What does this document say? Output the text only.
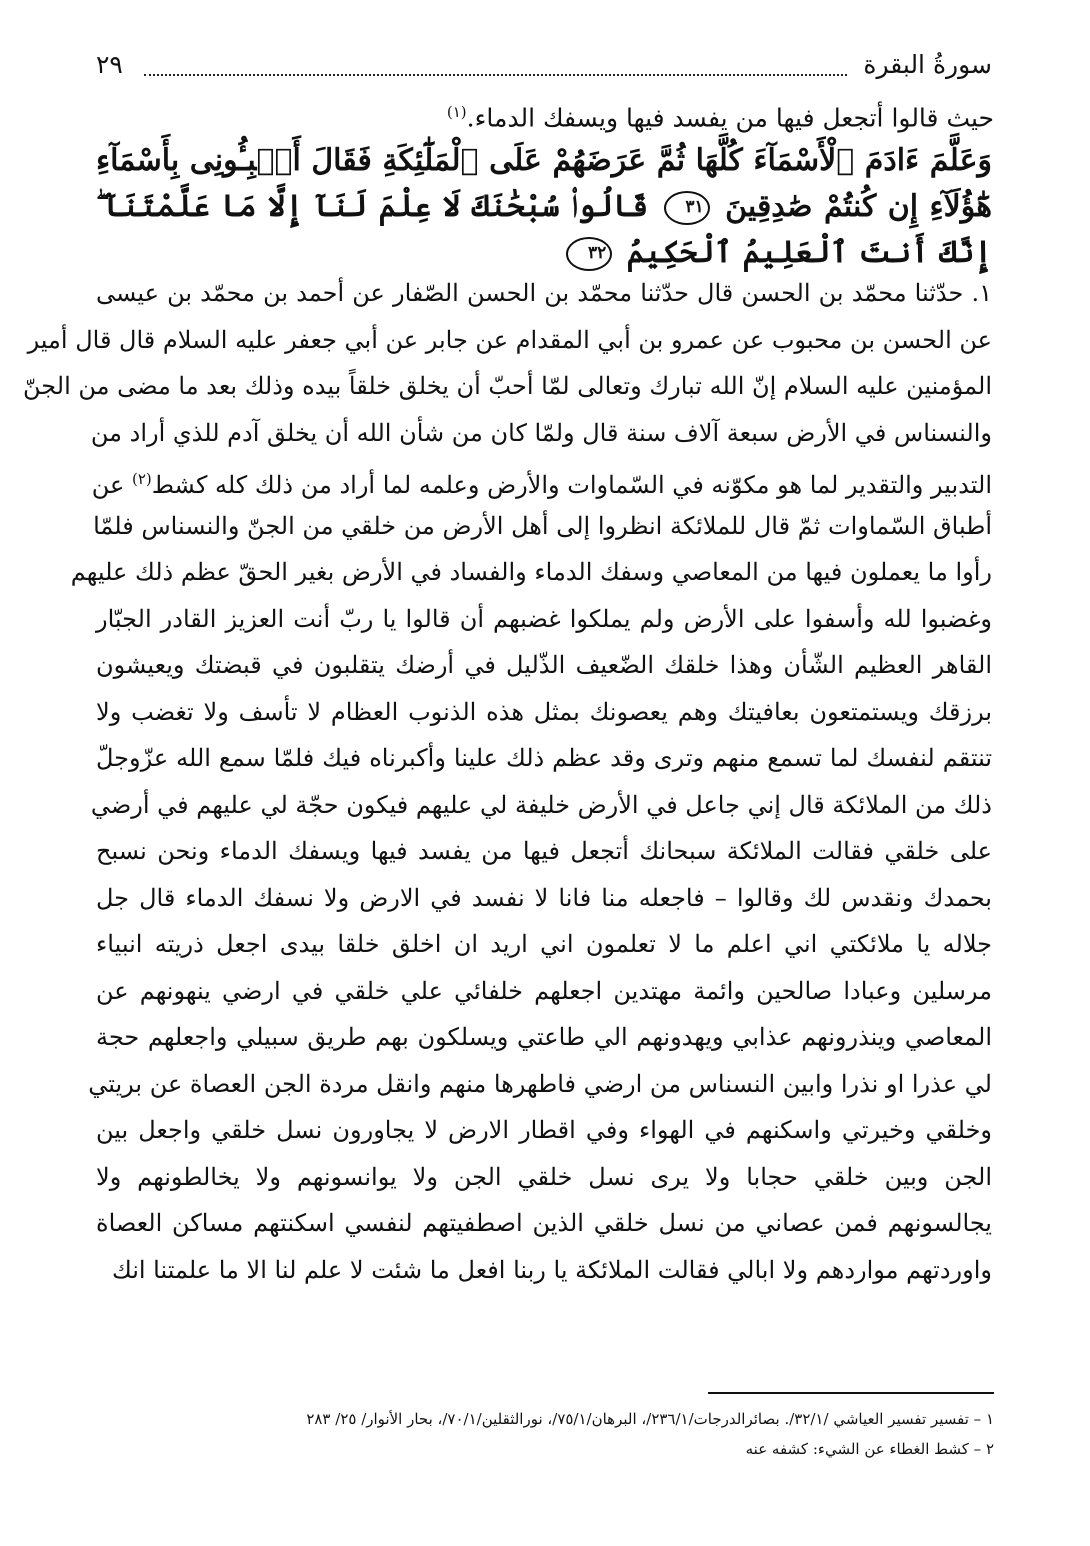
سورةُ البقرة
٢٩
حيث قالوا أتجعل فيها من يفسد فيها ويسفك الدماء.$^{(١)}$
وَعَلَّمَ ءَادَمَ ٱلْأَسْمَآءَ كُلَّهَا ثُمَّ عَرَضَهُمْ عَلَى ٱلْمَلَٰٓئِكَةِ فَقَالَ أَنۢبِـُٔونِى بِأَسْمَآءِ هَٰٓؤُلَآءِ إِن كُنتُمْ صَٰدِقِينَ ٣١ قَالُوا۟ سُبْحَٰنَكَ لَا عِلْمَ لَنَآ إِلَّا مَا عَلَّمْتَنَآ ۖ إِنَّكَ أَنتَ ٱلْعَلِيمُ ٱلْحَكِيمُ ٣٢
١. حدّثنا محمّد بن الحسن قال حدّثنا محمّد بن الحسن الصّفار عن أحمد بن محمّد بن عيسى
عن الحسن بن محبوب عن عمرو بن أبي المقدام عن جابر عن أبي جعفر عليه السلام قال قال أمير
المؤمنين عليه السلام إنّ الله تبارك وتعالى لمّا أحبّ أن يخلق خلقاً بيده وذلك بعد ما مضى من الجنّ
والنسناس في الأرض سبعة آلاف سنة قال ولمّا كان من شأن الله أن يخلق آدم للذي أراد من
التدبير والتقدير لما هو مكوّنه في السّماوات والأرض وعلمه لما أراد من ذلك كله كشط$^{(٢)}$ عن
أطباق السّماوات ثمّ قال للملائكة انظروا إلى أهل الأرض من خلقي من الجنّ والنسناس فلمّا
رأوا ما يعملون فيها من المعاصي وسفك الدماء والفساد في الأرض بغير الحقّ عظم ذلك عليهم
وغضبوا لله وأسفوا على الأرض ولم يملكوا غضبهم أن قالوا يا ربّ أنت العزيز القادر الجبّار
القاهر العظيم الشّأن وهذا خلقك الضّعيف الذّليل في أرضك يتقلبون في قبضتك ويعيشون
برزقك ويستمتعون بعافيتك وهم يعصونك بمثل هذه الذنوب العظام لا تأسف ولا تغضب ولا
تنتقم لنفسك لما تسمع منهم وترى وقد عظم ذلك علينا وأكبرناه فيك فلمّا سمع الله عزّوجلّ
ذلك من الملائكة قال إني جاعل في الأرض خليفة لي عليهم فيكون حجّة لي عليهم في أرضي
على خلقي فقالت الملائكة سبحانك أتجعل فيها من يفسد فيها ويسفك الدماء ونحن نسبح
بحمدك ونقدس لك وقالوا – فاجعله منا فانا لا نفسد في الارض ولا نسفك الدماء قال جل
جلاله يا ملائكتي اني اعلم ما لا تعلمون اني اريد ان اخلق خلقا بيدى اجعل ذريته انبياء
مرسلين وعبادا صالحين وائمة مهتدين اجعلهم خلفائي علي خلقي في ارضي ينهونهم عن
المعاصي وينذرونهم عذابي ويهدونهم الي طاعتي ويسلكون بهم طريق سبيلي واجعلهم حجة
لي عذرا او نذرا وابين النسناس من ارضي فاطهرها منهم وانقل مردة الجن العصاة عن بريتي
وخلقي وخيرتي واسكنهم في الهواء وفي اقطار الارض لا يجاورون نسل خلقي واجعل بين
الجن وبين خلقي حجابا ولا يرى نسل خلقي الجن ولا يوانسونهم ولا يخالطونهم ولا
يجالسونهم فمن عصاني من نسل خلقي الذين اصطفيتهم لنفسي اسكنتهم مساكن العصاة
واوردتهم مواردهم ولا ابالي فقالت الملائكة يا ربنا افعل ما شئت لا علم لنا الا ما علمتنا انك
١ – تفسير تفسير العياشي /٣٢/١/. بصائرالدرجات/٢٣٦/١/، البرهان/٧٥/١/، نورالثقلين/٧٠/١/، بحار الأنوار/ ٢٥/ ٢٨٣
٢ – كشط الغطاء عن الشيء: كشفه عنه
